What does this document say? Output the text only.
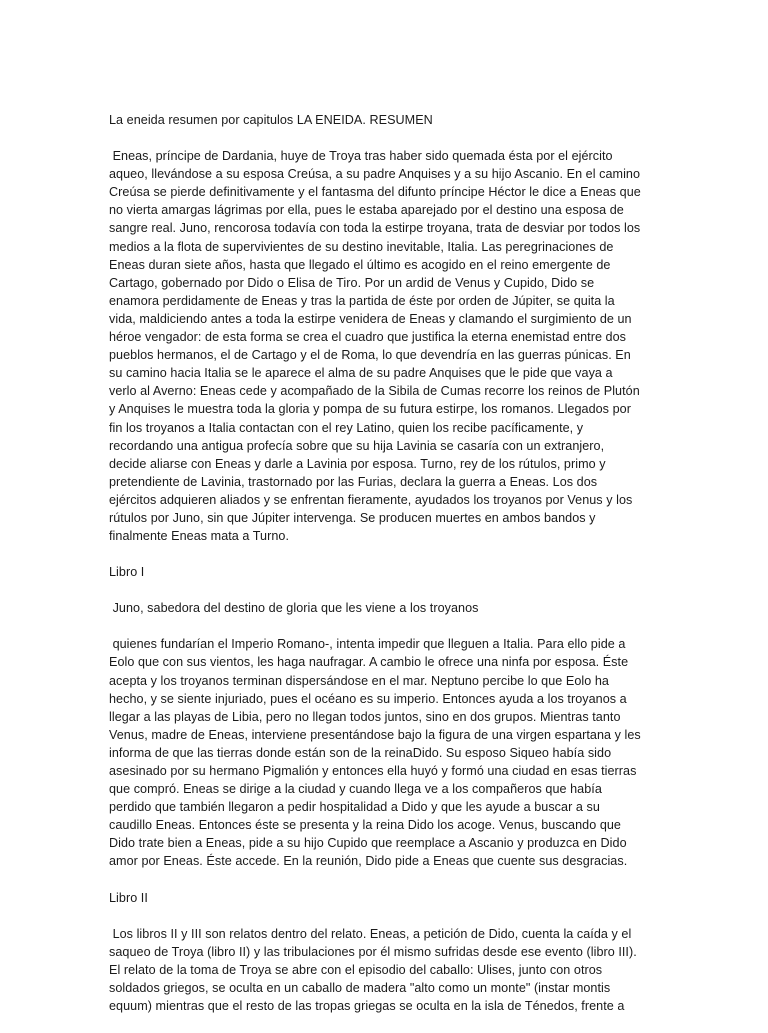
La eneida resumen por capitulos LA ENEIDA. RESUMEN

Eneas, príncipe de Dardania, huye de Troya tras haber sido quemada ésta por el ejército aqueo, llevándose a su esposa Creúsa, a su padre Anquises y a su hijo Ascanio. En el camino Creúsa se pierde definitivamente y el fantasma del difunto príncipe Héctor le dice a Eneas que no vierta amargas lágrimas por ella, pues le estaba aparejado por el destino una esposa de sangre real. Juno, rencorosa todavía con toda la estirpe troyana, trata de desviar por todos los medios a la flota de supervivientes de su destino inevitable, Italia. Las peregrinaciones de Eneas duran siete años, hasta que llegado el último es acogido en el reino emergente de Cartago, gobernado por Dido o Elisa de Tiro. Por un ardid de Venus y Cupido, Dido se enamora perdidamente de Eneas y tras la partida de éste por orden de Júpiter, se quita la vida, maldiciendo antes a toda la estirpe venidera de Eneas y clamando el surgimiento de un héroe vengador: de esta forma se crea el cuadro que justifica la eterna enemistad entre dos pueblos hermanos, el de Cartago y el de Roma, lo que devendría en las guerras púnicas. En su camino hacia Italia se le aparece el alma de su padre Anquises que le pide que vaya a verlo al Averno: Eneas cede y acompañado de la Sibila de Cumas recorre los reinos de Plutón y Anquises le muestra toda la gloria y pompa de su futura estirpe, los romanos. Llegados por fin los troyanos a Italia contactan con el rey Latino, quien los recibe pacíficamente, y recordando una antigua profecía sobre que su hija Lavinia se casaría con un extranjero, decide aliarse con Eneas y darle a Lavinia por esposa. Turno, rey de los rútulos, primo y pretendiente de Lavinia, trastornado por las Furias, declara la guerra a Eneas. Los dos ejércitos adquieren aliados y se enfrentan fieramente, ayudados los troyanos por Venus y los rútulos por Juno, sin que Júpiter intervenga. Se producen muertes en ambos bandos y finalmente Eneas mata a Turno.

Libro I

Juno, sabedora del destino de gloria que les viene a los troyanos

quienes fundarían el Imperio Romano-, intenta impedir que lleguen a Italia. Para ello pide a Eolo que con sus vientos, les haga naufragar. A cambio le ofrece una ninfa por esposa. Éste acepta y los troyanos terminan dispersándose en el mar. Neptuno percibe lo que Eolo ha hecho, y se siente injuriado, pues el océano es su imperio. Entonces ayuda a los troyanos a llegar a las playas de Libia, pero no llegan todos juntos, sino en dos grupos. Mientras tanto Venus, madre de Eneas, interviene presentándose bajo la figura de una virgen espartana y les informa de que las tierras donde están son de la reinaDido. Su esposo Siqueo había sido asesinado por su hermano Pigmalión y entonces ella huyó y formó una ciudad en esas tierras que compró. Eneas se dirige a la ciudad y cuando llega ve a los compañeros que había perdido que también llegaron a pedir hospitalidad a Dido y que les ayude a buscar a su caudillo Eneas. Entonces éste se presenta y la reina Dido los acoge. Venus, buscando que Dido trate bien a Eneas, pide a su hijo Cupido que reemplace a Ascanio y produzca en Dido amor por Eneas. Éste accede. En la reunión, Dido pide a Eneas que cuente sus desgracias.

Libro II

Los libros II y III son relatos dentro del relato. Eneas, a petición de Dido, cuenta la caída y el saqueo de Troya (libro II) y las tribulaciones por él mismo sufridas desde ese evento (libro III). El relato de la toma de Troya se abre con el episodio del caballo: Ulises, junto con otros soldados griegos, se oculta en un caballo de madera "alto como un monte" (instar montis equum) mientras que el resto de las tropas griegas se oculta en la isla de Ténedos, frente a
